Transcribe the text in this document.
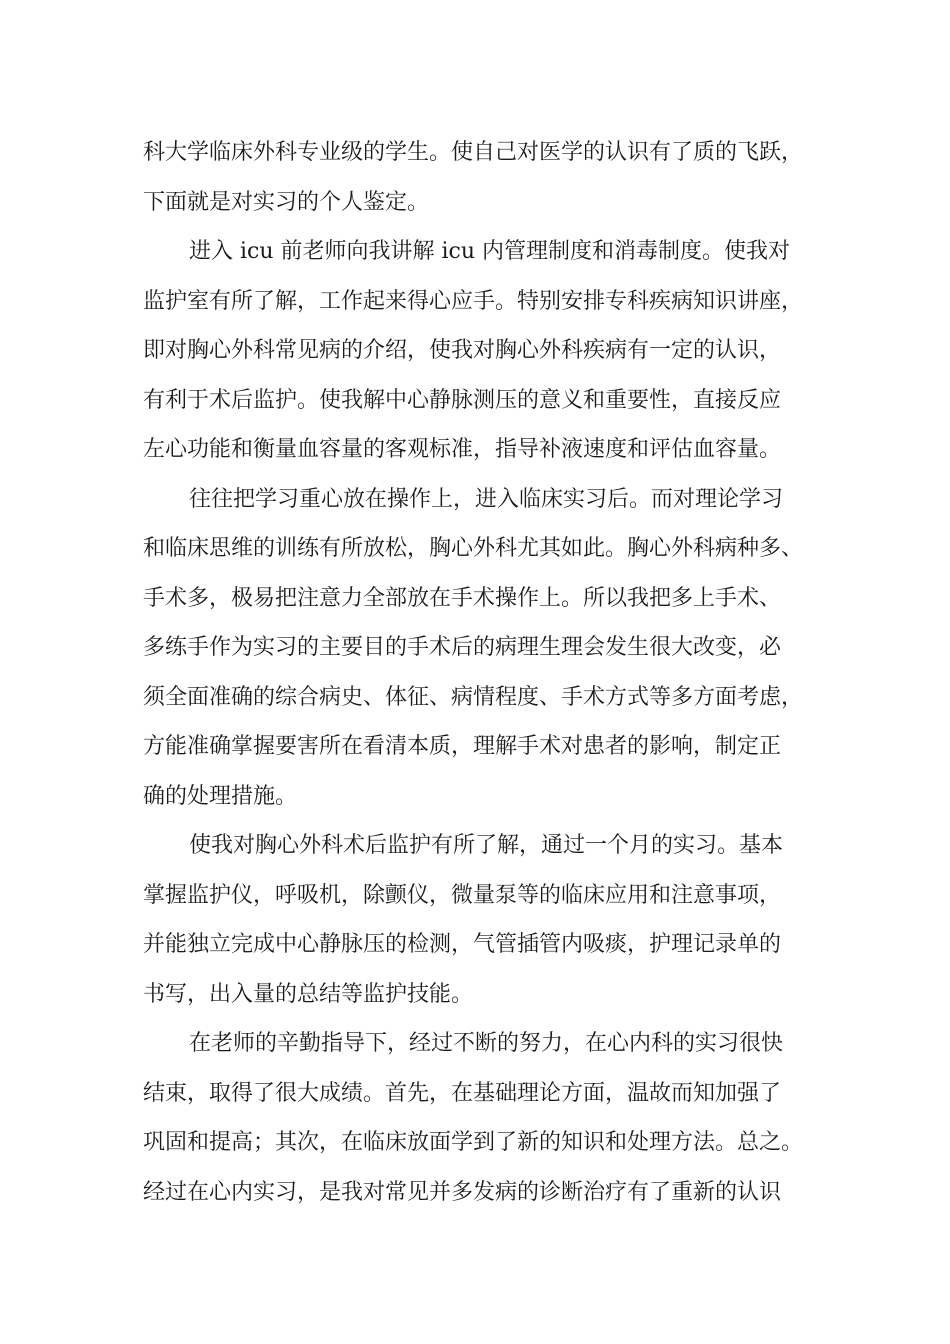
科大学临床外科专业级的学生。使自己对医学的认识有了质的飞跃，
下面就是对实习的个人鉴定。
进入 icu 前老师向我讲解 icu 内管理制度和消毒制度。使我对
监护室有所了解，工作起来得心应手。特别安排专科疾病知识讲座，
即对胸心外科常见病的介绍，使我对胸心外科疾病有一定的认识，
有利于术后监护。使我解中心静脉测压的意义和重要性，直接反应
左心功能和衡量血容量的客观标准，指导补液速度和评估血容量。
往往把学习重心放在操作上，进入临床实习后。而对理论学习
和临床思维的训练有所放松，胸心外科尤其如此。胸心外科病种多、
手术多，极易把注意力全部放在手术操作上。所以我把多上手术、
多练手作为实习的主要目的手术后的病理生理会发生很大改变，必
须全面准确的综合病史、体征、病情程度、手术方式等多方面考虑，
方能准确掌握要害所在看清本质，理解手术对患者的影响，制定正
确的处理措施。
使我对胸心外科术后监护有所了解，通过一个月的实习。基本
掌握监护仪，呼吸机，除颤仪，微量泵等的临床应用和注意事项，
并能独立完成中心静脉压的检测，气管插管内吸痰，护理记录单的
书写，出入量的总结等监护技能。
在老师的辛勤指导下，经过不断的努力，在心内科的实习很快
结束，取得了很大成绩。首先，在基础理论方面，温故而知加强了
巩固和提高；其次，在临床放面学到了新的知识和处理方法。总之。
经过在心内实习，是我对常见并多发病的诊断治疗有了重新的认识
